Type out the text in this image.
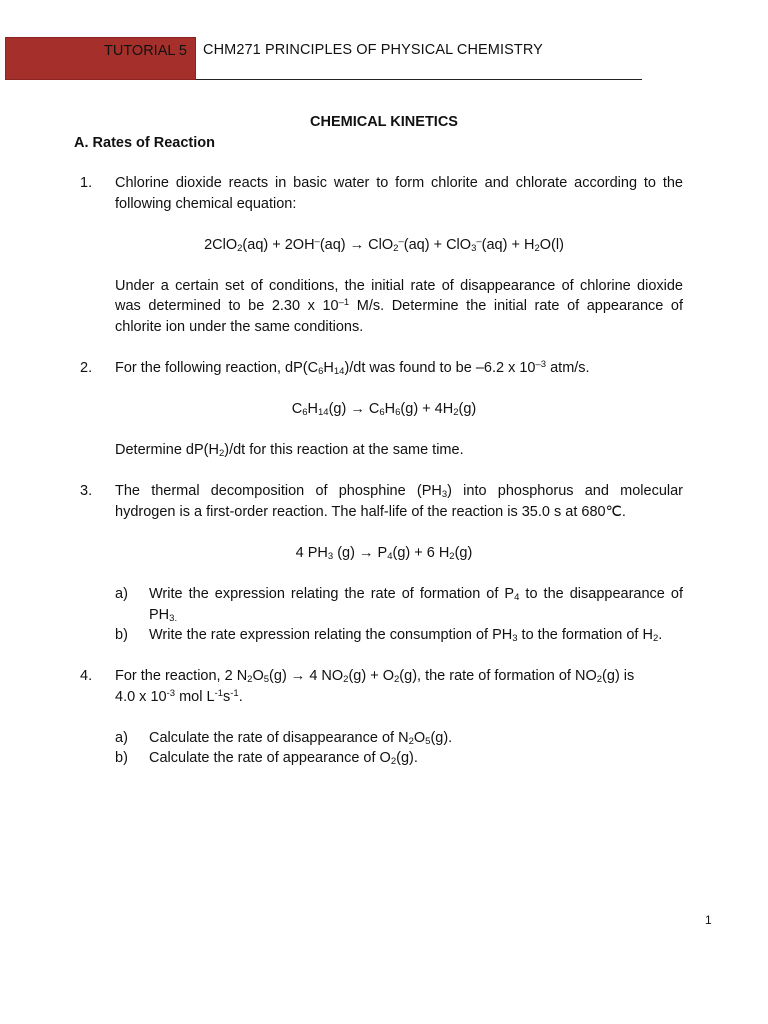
TUTORIAL 5 CHM271 PRINCIPLES OF PHYSICAL CHEMISTRY
CHEMICAL KINETICS
A. Rates of Reaction
1. Chlorine dioxide reacts in basic water to form chlorite and chlorate according to the
following chemical equation:
$2ClO_2(aq) + 2OH^-(aq) \to ClO_2^-(aq) + ClO_3^-(aq) + H_2O(l)$
Under a certain set of conditions, the initial rate of disappearance of chlorine dioxide
was determined to be 2.30 x $10^{-1}$ M/s. Determine the initial rate of appearance of
chlorite ion under the same conditions.
2. For the following reaction, $dP(C_6H_{14})/dt$ was found to be –6.2 x $10^{-3}$ atm/s.
$C_6H_{14}(g) \to C_6H_6(g) + 4H_2(g)$
Determine $dP(H_2)/dt$ for this reaction at the same time.
3. The thermal decomposition of phosphine $(PH_3)$ into phosphorus and molecular
hydrogen is a first-order reaction. The half-life of the reaction is 35.0 s at 680℃.
4 $PH_3$ $(g) \to P_4(g) + 6$ $H_2(g)$
a) Write the expression relating the rate of formation of $P_4$ to the disappearance of
$PH_{3.}$
b) Write the rate expression relating the consumption of $PH_3$ to the formation of $H_2$.
4. For the reaction, 2 $N_2O_5(g) \to 4$ $NO_2(g) + O_2(g)$, the rate of formation of $NO_2(g)$ is
4.0 x $10^{-3}$ mol $L^{-1}s^{-1}$.
a) Calculate the rate of disappearance of $N_2O_5(g)$.
b) Calculate the rate of appearance of $O_2(g)$.
1
